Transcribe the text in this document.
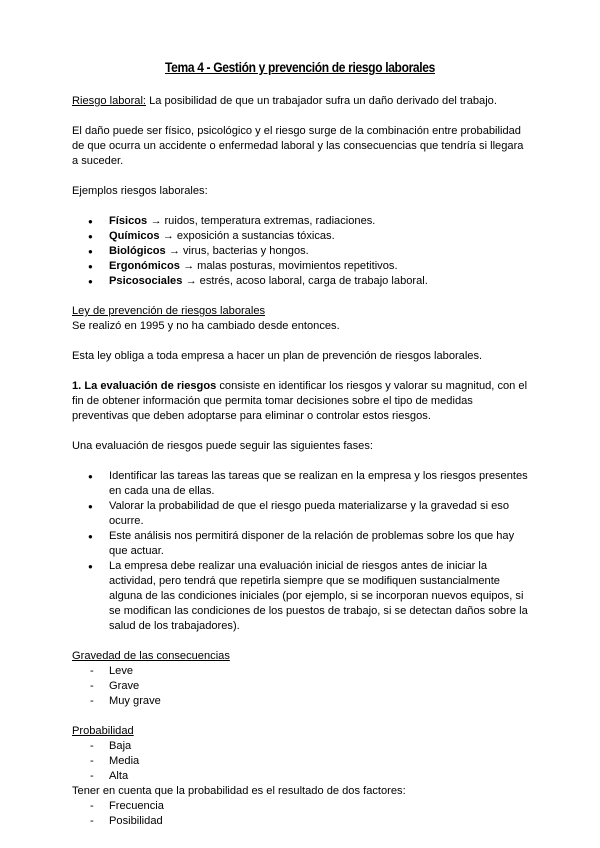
Tema 4 - Gestión y prevención de riesgo laborales

Riesgo laboral: La posibilidad de que un trabajador sufra un daño derivado del trabajo.

El daño puede ser físico, psicológico y el riesgo surge de la combinación entre probabilidad de que ocurra un accidente o enfermedad laboral y las consecuencias que tendría si llegara a suceder.

Ejemplos riesgos laborales:

● Físicos → ruidos, temperatura extremas, radiaciones.
● Químicos → exposición a sustancias tóxicas.
● Biológicos → virus, bacterias y hongos.
● Ergonómicos → malas posturas, movimientos repetitivos.
● Psicosociales → estrés, acoso laboral, carga de trabajo laboral.

Ley de prevención de riesgos laborales

Se realizó en 1995 y no ha cambiado desde entonces.

Esta ley obliga a toda empresa a hacer un plan de prevención de riesgos laborales.

1. La evaluación de riesgos consiste en identificar los riesgos y valorar su magnitud, con el fin de obtener información que permita tomar decisiones sobre el tipo de medidas preventivas que deben adoptarse para eliminar o controlar estos riesgos.

Una evaluación de riesgos puede seguir las siguientes fases:

● Identificar las tareas las tareas que se realizan en la empresa y los riesgos presentes en cada una de ellas.
● Valorar la probabilidad de que el riesgo pueda materializarse y la gravedad si eso ocurre.
● Este análisis nos permitirá disponer de la relación de problemas sobre los que hay que actuar.
● La empresa debe realizar una evaluación inicial de riesgos antes de iniciar la actividad, pero tendrá que repetirla siempre que se modifiquen sustancialmente alguna de las condiciones iniciales (por ejemplo, si se incorporan nuevos equipos, si se modifican las condiciones de los puestos de trabajo, si se detectan daños sobre la salud de los trabajadores).

Gravedad de las consecuencias

- Leve
- Grave
- Muy grave

Probabilidad

- Baja
- Media
- Alta

Tener en cuenta que la probabilidad es el resultado de dos factores:

- Frecuencia
- Posibilidad
